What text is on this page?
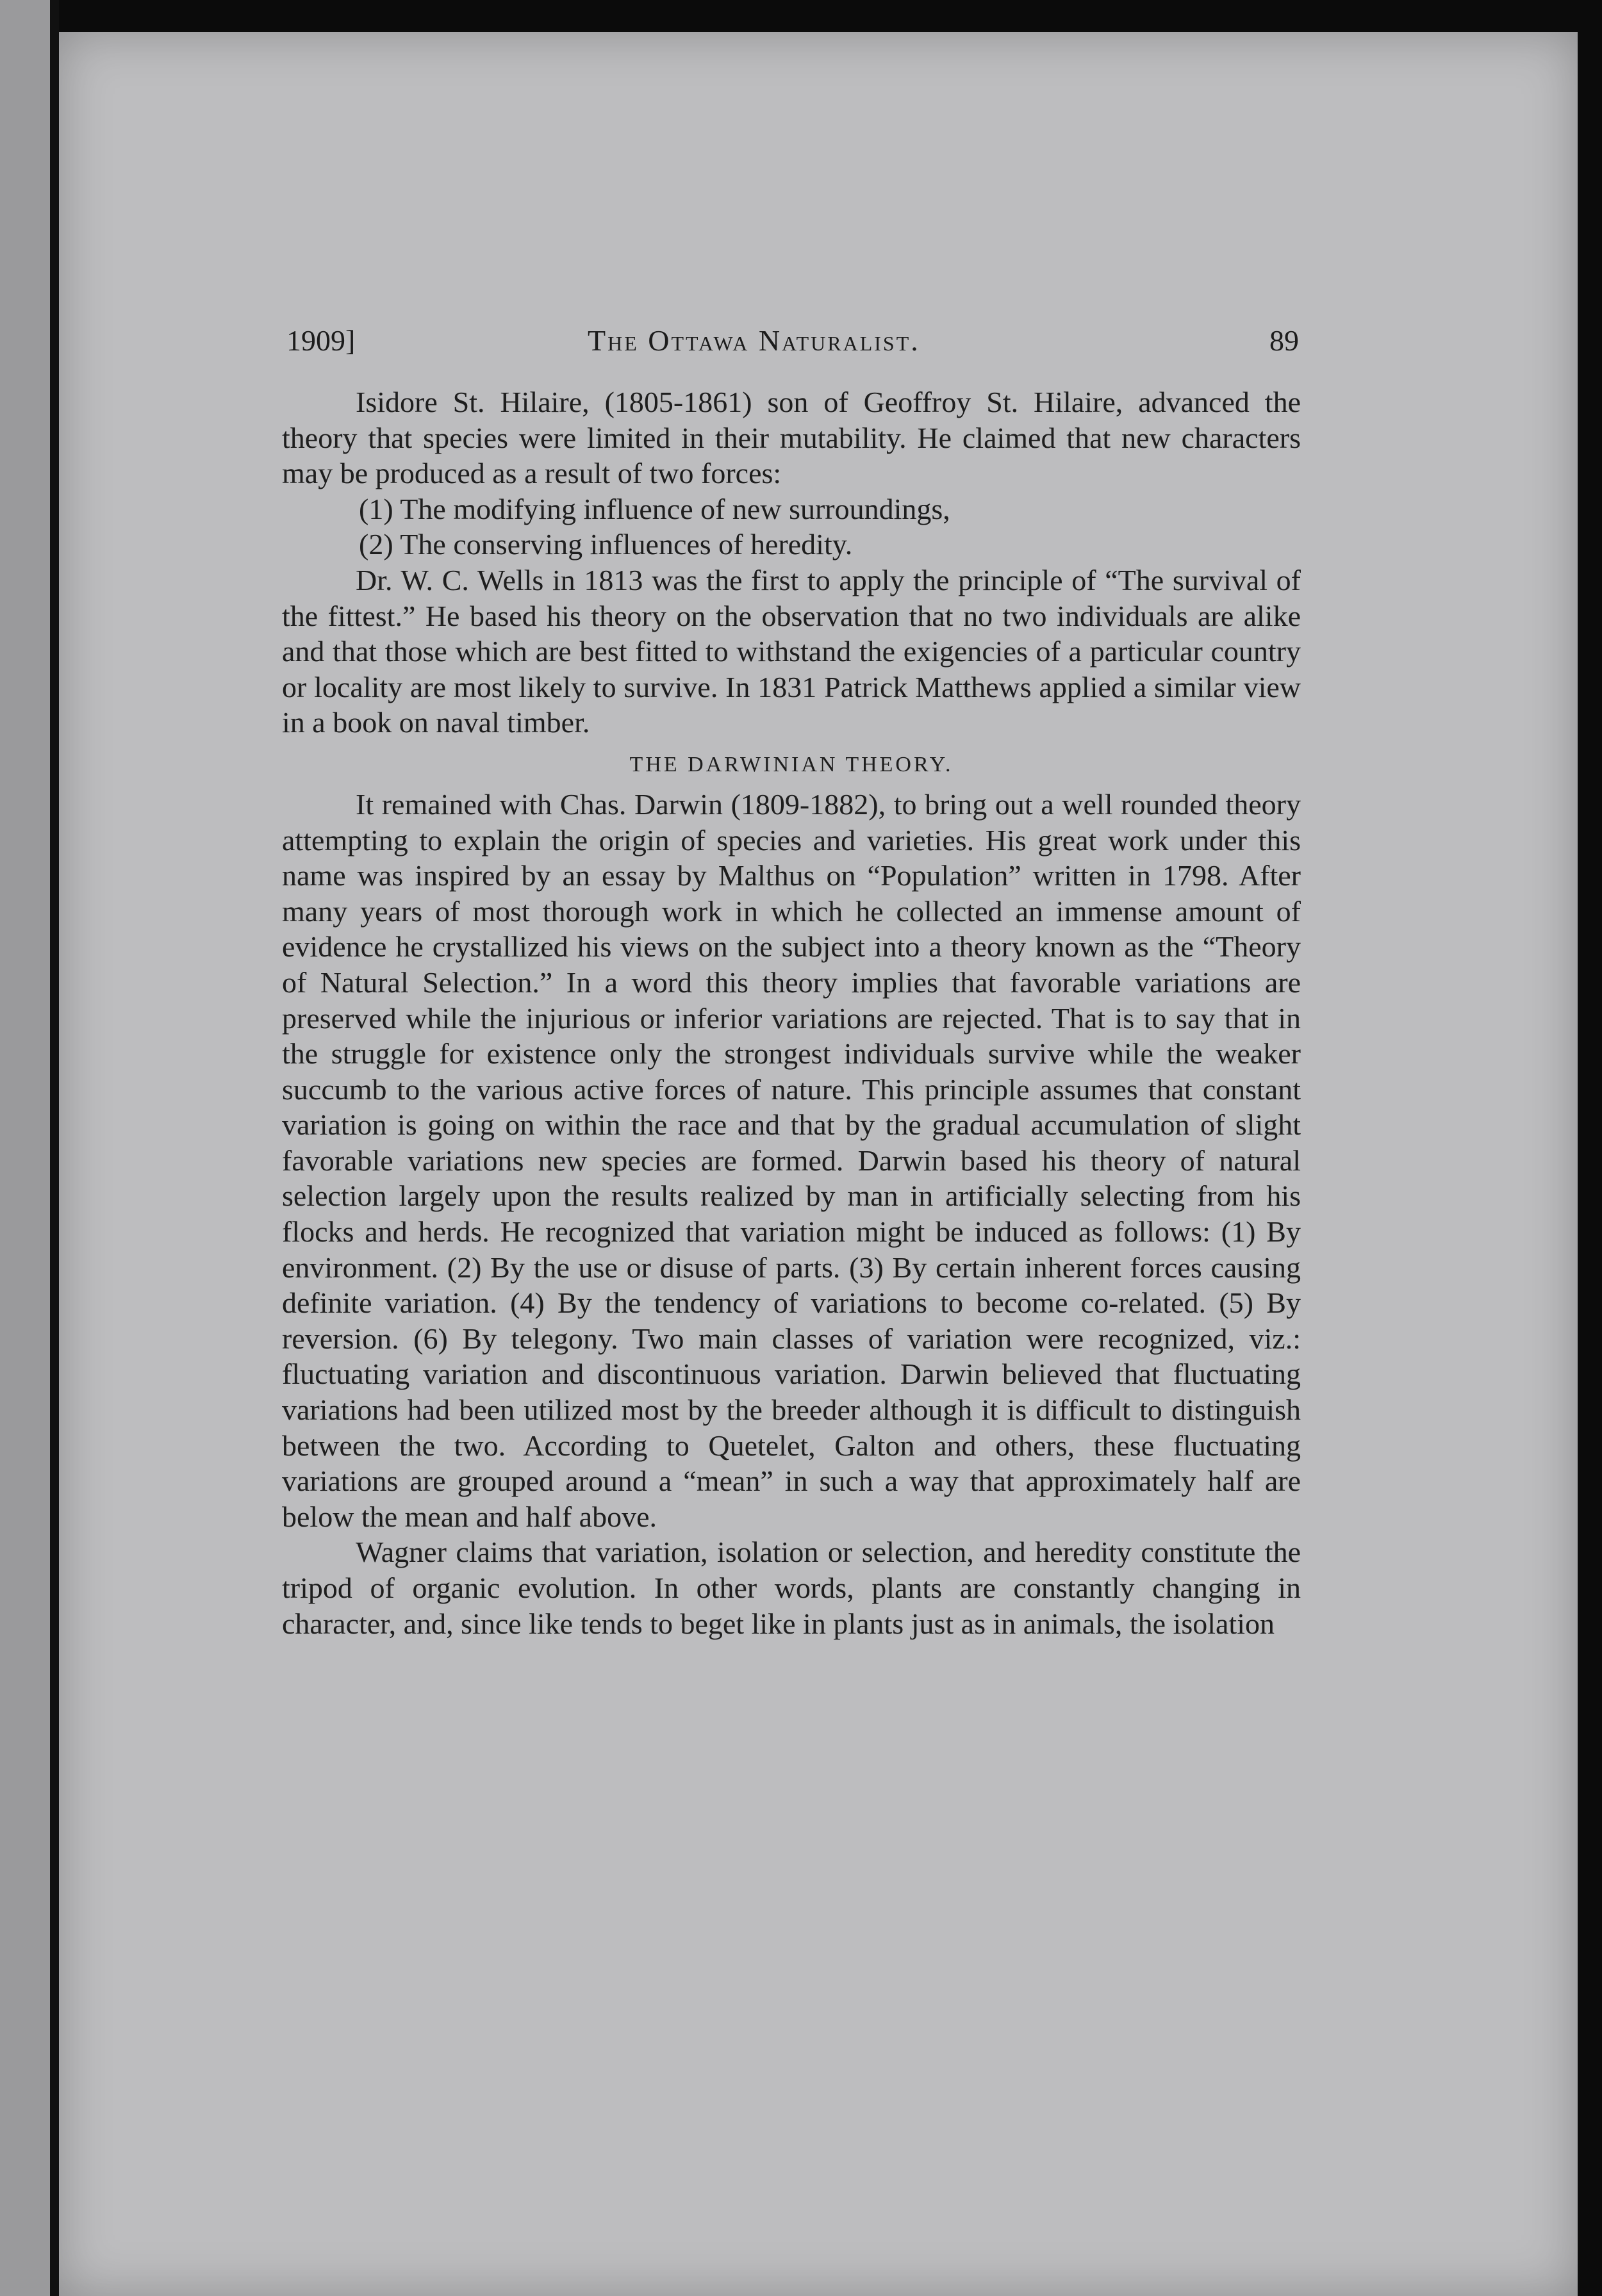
1909]	The Ottawa Naturalist.	89

Isidore St. Hilaire, (1805-1861) son of Geoffroy St. Hilaire, advanced the theory that species were limited in their mutability. He claimed that new characters may be produced as a result of two forces:

(1) The modifying influence of new surroundings,

(2) The conserving influences of heredity.

Dr. W. C. Wells in 1813 was the first to apply the principle of “The survival of the fittest.” He based his theory on the observation that no two individuals are alike and that those which are best fitted to withstand the exigencies of a particular country or locality are most likely to survive. In 1831 Patrick Matthews applied a similar view in a book on naval timber.

THE DARWINIAN THEORY.

It remained with Chas. Darwin (1809-1882), to bring out a well rounded theory attempting to explain the origin of species and varieties. His great work under this name was inspired by an essay by Malthus on “Population” written in 1798. After many years of most thorough work in which he collected an immense amount of evidence he crystallized his views on the subject into a theory known as the “Theory of Natural Selection.” In a word this theory implies that favorable variations are preserved while the injurious or inferior variations are rejected. That is to say that in the struggle for existence only the strongest individuals survive while the weaker succumb to the various active forces of nature. This principle assumes that constant variation is going on within the race and that by the gradual accumulation of slight favorable variations new species are formed. Darwin based his theory of natural selection largely upon the results realized by man in artificially selecting from his flocks and herds. He recognized that variation might be induced as follows: (1) By environment. (2) By the use or disuse of parts. (3) By certain inherent forces causing definite variation. (4) By the tendency of variations to become co-related. (5) By reversion. (6) By telegony. Two main classes of variation were recognized, viz.: fluctuating variation and discontinuous variation. Darwin believed that fluctuating variations had been utilized most by the breeder although it is difficult to distinguish between the two. According to Quetelet, Galton and others, these fluctuating variations are grouped around a “mean” in such a way that approximately half are below the mean and half above.

Wagner claims that variation, isolation or selection, and heredity constitute the tripod of organic evolution. In other words, plants are constantly changing in character, and, since like tends to beget like in plants just as in animals, the isolation
